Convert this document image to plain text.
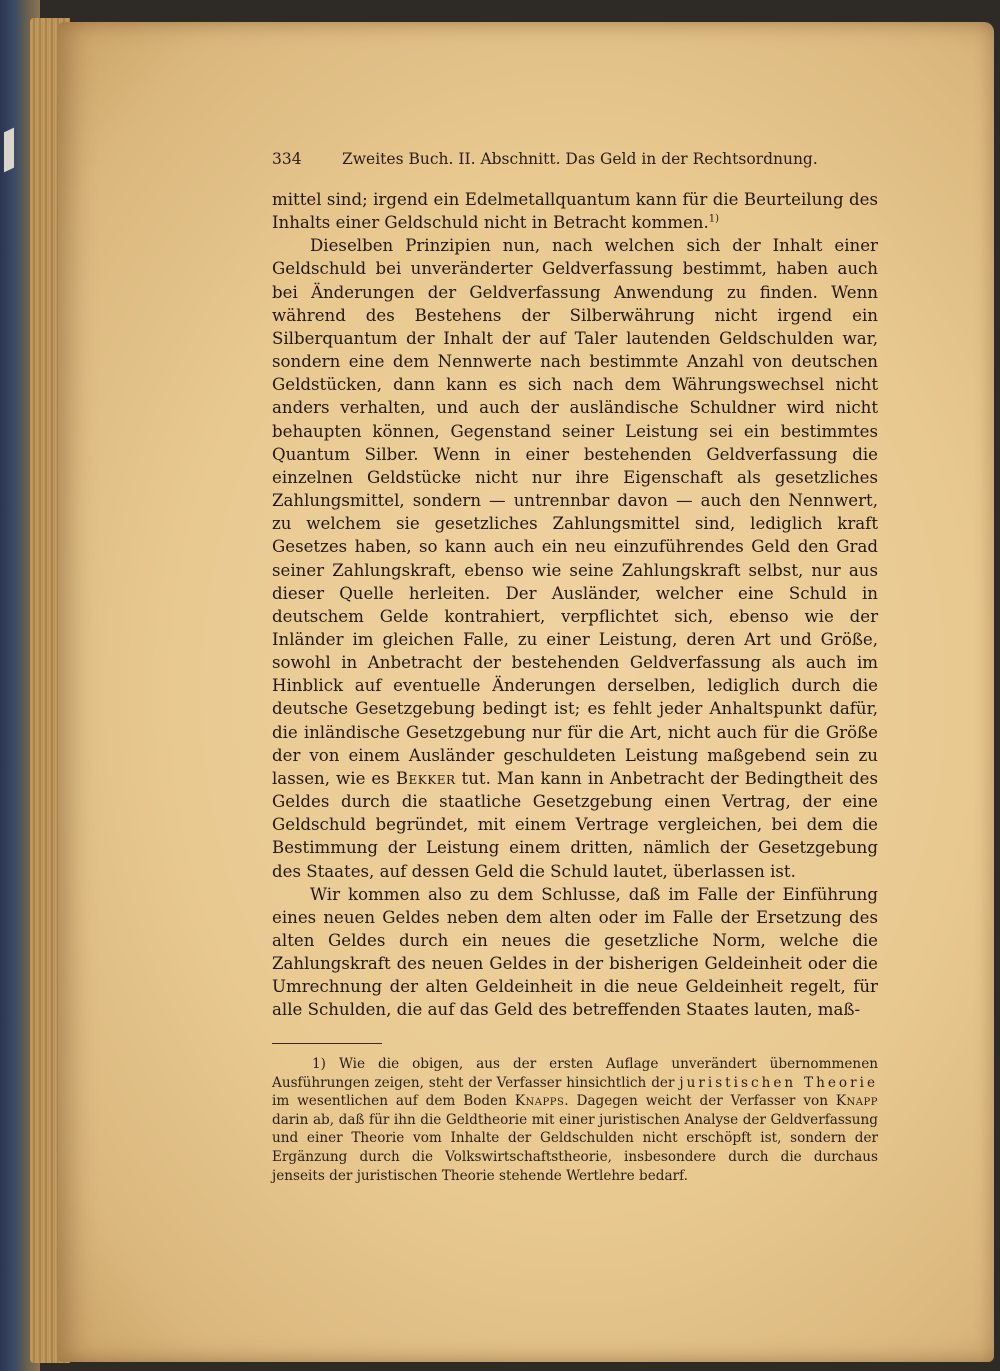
334	Zweites Buch. II. Abschnitt. Das Geld in der Rechtsordnung.

mittel sind; irgend ein Edelmetallquantum kann für die Beurteilung des Inhalts einer Geldschuld nicht in Betracht kommen.$^{1)}$

Dieselben Prinzipien nun, nach welchen sich der Inhalt einer Geldschuld bei unveränderter Geldverfassung bestimmt, haben auch bei Änderungen der Geldverfassung Anwendung zu finden. Wenn während des Bestehens der Silberwährung nicht irgend ein Silberquantum der Inhalt der auf Taler lautenden Geldschulden war, sondern eine dem Nennwerte nach bestimmte Anzahl von deutschen Geldstücken, dann kann es sich nach dem Währungswechsel nicht anders verhalten, und auch der ausländische Schuldner wird nicht behaupten können, Gegenstand seiner Leistung sei ein bestimmtes Quantum Silber. Wenn in einer bestehenden Geldverfassung die einzelnen Geldstücke nicht nur ihre Eigenschaft als gesetzliches Zahlungsmittel, sondern — untrennbar davon — auch den Nennwert, zu welchem sie gesetzliches Zahlungsmittel sind, lediglich kraft Gesetzes haben, so kann auch ein neu einzuführendes Geld den Grad seiner Zahlungskraft, ebenso wie seine Zahlungskraft selbst, nur aus dieser Quelle herleiten. Der Ausländer, welcher eine Schuld in deutschem Gelde kontrahiert, verpflichtet sich, ebenso wie der Inländer im gleichen Falle, zu einer Leistung, deren Art und Größe, sowohl in Anbetracht der bestehenden Geldverfassung als auch im Hinblick auf eventuelle Änderungen derselben, lediglich durch die deutsche Gesetzgebung bedingt ist; es fehlt jeder Anhaltspunkt dafür, die inländische Gesetzgebung nur für die Art, nicht auch für die Größe der von einem Ausländer geschuldeten Leistung maßgebend sein zu lassen, wie es Bekker tut. Man kann in Anbetracht der Bedingtheit des Geldes durch die staatliche Gesetzgebung einen Vertrag, der eine Geldschuld begründet, mit einem Vertrage vergleichen, bei dem die Bestimmung der Leistung einem dritten, nämlich der Gesetzgebung des Staates, auf dessen Geld die Schuld lautet, überlassen ist.

Wir kommen also zu dem Schlusse, daß im Falle der Einführung eines neuen Geldes neben dem alten oder im Falle der Ersetzung des alten Geldes durch ein neues die gesetzliche Norm, welche die Zahlungskraft des neuen Geldes in der bisherigen Geldeinheit oder die Umrechnung der alten Geldeinheit in die neue Geldeinheit regelt, für alle Schulden, die auf das Geld des betreffenden Staates lauten, maß-

1) Wie die obigen, aus der ersten Auflage unverändert übernommenen Ausführungen zeigen, steht der Verfasser hinsichtlich der juristischen Theorie im wesentlichen auf dem Boden Knapps. Dagegen weicht der Verfasser von Knapp darin ab, daß für ihn die Geldtheorie mit einer juristischen Analyse der Geldverfassung und einer Theorie vom Inhalte der Geldschulden nicht erschöpft ist, sondern der Ergänzung durch die Volkswirtschaftstheorie, insbesondere durch die durchaus jenseits der juristischen Theorie stehende Wertlehre bedarf.
